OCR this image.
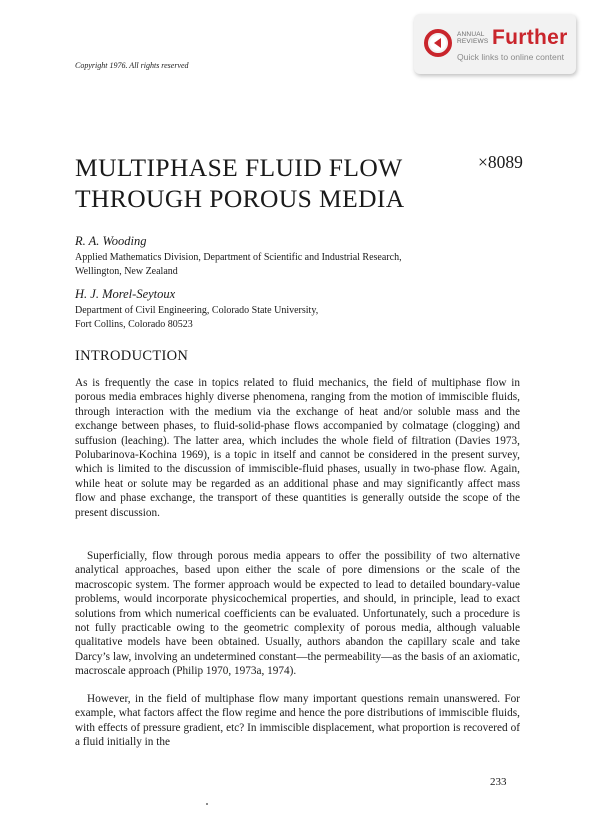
Copyright 1976. All rights reserved
ANNUAL
REVIEWS Further
Quick links to online content
MULTIPHASE FLUID FLOW
THROUGH POROUS MEDIA
×8089
R. A. Wooding
Applied Mathematics Division, Department of Scientific and Industrial Research,
Wellington, New Zealand
H. J. Morel-Seytoux
Department of Civil Engineering, Colorado State University,
Fort Collins, Colorado 80523
INTRODUCTION

As is frequently the case in topics related to fluid mechanics, the field of multiphase flow in porous media embraces highly diverse phenomena, ranging from the motion of immiscible fluids, through interaction with the medium via the exchange of heat and/or soluble mass and the exchange between phases, to fluid-solid-phase flows accompanied by colmatage (clogging) and suffusion (leaching). The latter area, which includes the whole field of filtration (Davies 1973, Polubarinova-Kochina 1969), is a topic in itself and cannot be considered in the present survey, which is limited to the discussion of immiscible-fluid phases, usually in two-phase flow. Again, while heat or solute may be regarded as an additional phase and may significantly affect mass flow and phase exchange, the transport of these quantities is generally outside the scope of the present discussion.

Superficially, flow through porous media appears to offer the possibility of two alternative analytical approaches, based upon either the scale of pore dimensions or the scale of the macroscopic system. The former approach would be expected to lead to detailed boundary-value problems, would incorporate physicochemical properties, and should, in principle, lead to exact solutions from which numerical coefficients can be evaluated. Unfortunately, such a procedure is not fully practicable owing to the geometric complexity of porous media, although valuable qualitative models have been obtained. Usually, authors abandon the capillary scale and take Darcy’s law, involving an undetermined constant—the permeability—as the basis of an axiomatic, macroscale approach (Philip 1970, 1973a, 1974).

However, in the field of multiphase flow many important questions remain unanswered. For example, what factors affect the flow regime and hence the pore distributions of immiscible fluids, with effects of pressure gradient, etc? In immiscible displacement, what proportion is recovered of a fluid initially in the

233
